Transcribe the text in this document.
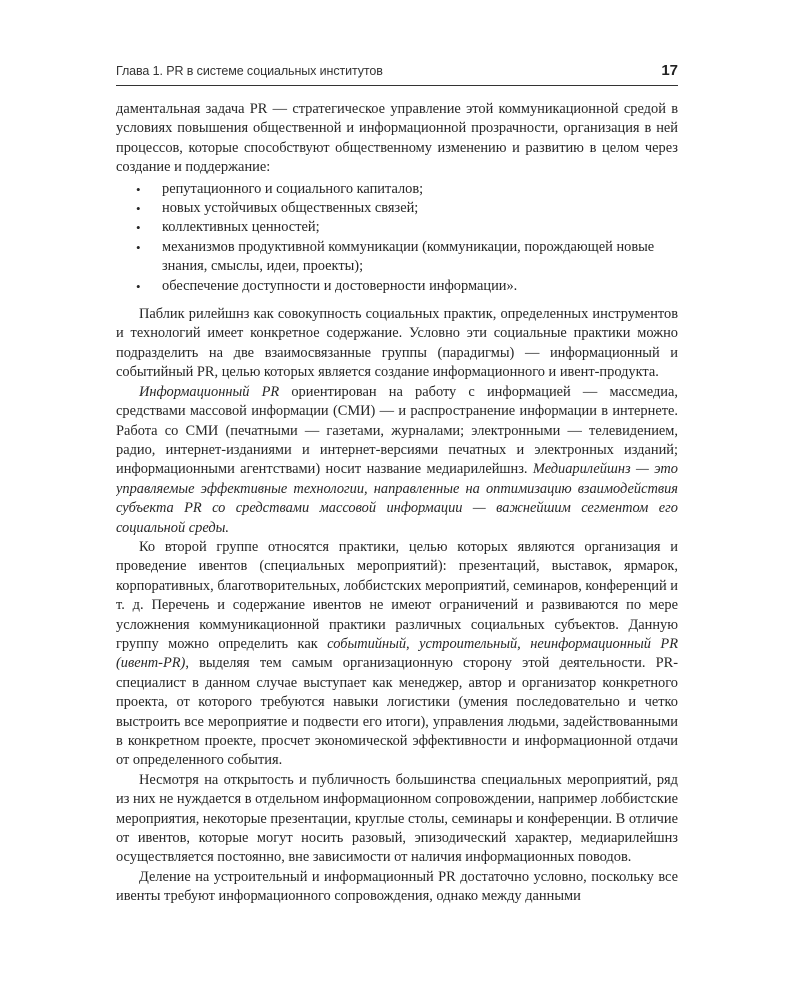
Глава 1. PR в системе социальных институтов	17

даментальная задача PR — стратегическое управление этой коммуникационной средой в условиях повышения общественной и информационной прозрачности, организация в ней процессов, которые способствуют общественному изменению и развитию в целом через создание и поддержание:

• репутационного и социального капиталов;
• новых устойчивых общественных связей;
• коллективных ценностей;
• механизмов продуктивной коммуникации (коммуникации, порождающей новые знания, смыслы, идеи, проекты);
• обеспечение доступности и достоверности информации».

Паблик рилейшнз как совокупность социальных практик, определенных инструментов и технологий имеет конкретное содержание. Условно эти социальные практики можно подразделить на две взаимосвязанные группы (парадигмы) — информационный и событийный PR, целью которых является создание информационного и ивент-продукта.

Информационный PR ориентирован на работу с информацией — массмедиа, средствами массовой информации (СМИ) — и распространение информации в интернете. Работа со СМИ (печатными — газетами, журналами; электронными — телевидением, радио, интернет-изданиями и интернет-версиями печатных и электронных изданий; информационными агентствами) носит название медиарилейшнз. Медиарилейшнз — это управляемые эффективные технологии, направленные на оптимизацию взаимодействия субъекта PR со средствами массовой информации — важнейшим сегментом его социальной среды.

Ко второй группе относятся практики, целью которых являются организация и проведение ивентов (специальных мероприятий): презентаций, выставок, ярмарок, корпоративных, благотворительных, лоббистских мероприятий, семинаров, конференций и т. д. Перечень и содержание ивентов не имеют ограничений и развиваются по мере усложнения коммуникационной практики различных социальных субъектов. Данную группу можно определить как событийный, устроительный, неинформационный PR (ивент-PR), выделяя тем самым организационную сторону этой деятельности. PR-специалист в данном случае выступает как менеджер, автор и организатор конкретного проекта, от которого требуются навыки логистики (умения последовательно и четко выстроить все мероприятие и подвести его итоги), управления людьми, задействованными в конкретном проекте, просчет экономической эффективности и информационной отдачи от определенного события.

Несмотря на открытость и публичность большинства специальных мероприятий, ряд из них не нуждается в отдельном информационном сопровождении, например лоббистские мероприятия, некоторые презентации, круглые столы, семинары и конференции. В отличие от ивентов, которые могут носить разовый, эпизодический характер, медиарилейшнз осуществляется постоянно, вне зависимости от наличия информационных поводов.

Деление на устроительный и информационный PR достаточно условно, поскольку все ивенты требуют информационного сопровождения, однако между данными
